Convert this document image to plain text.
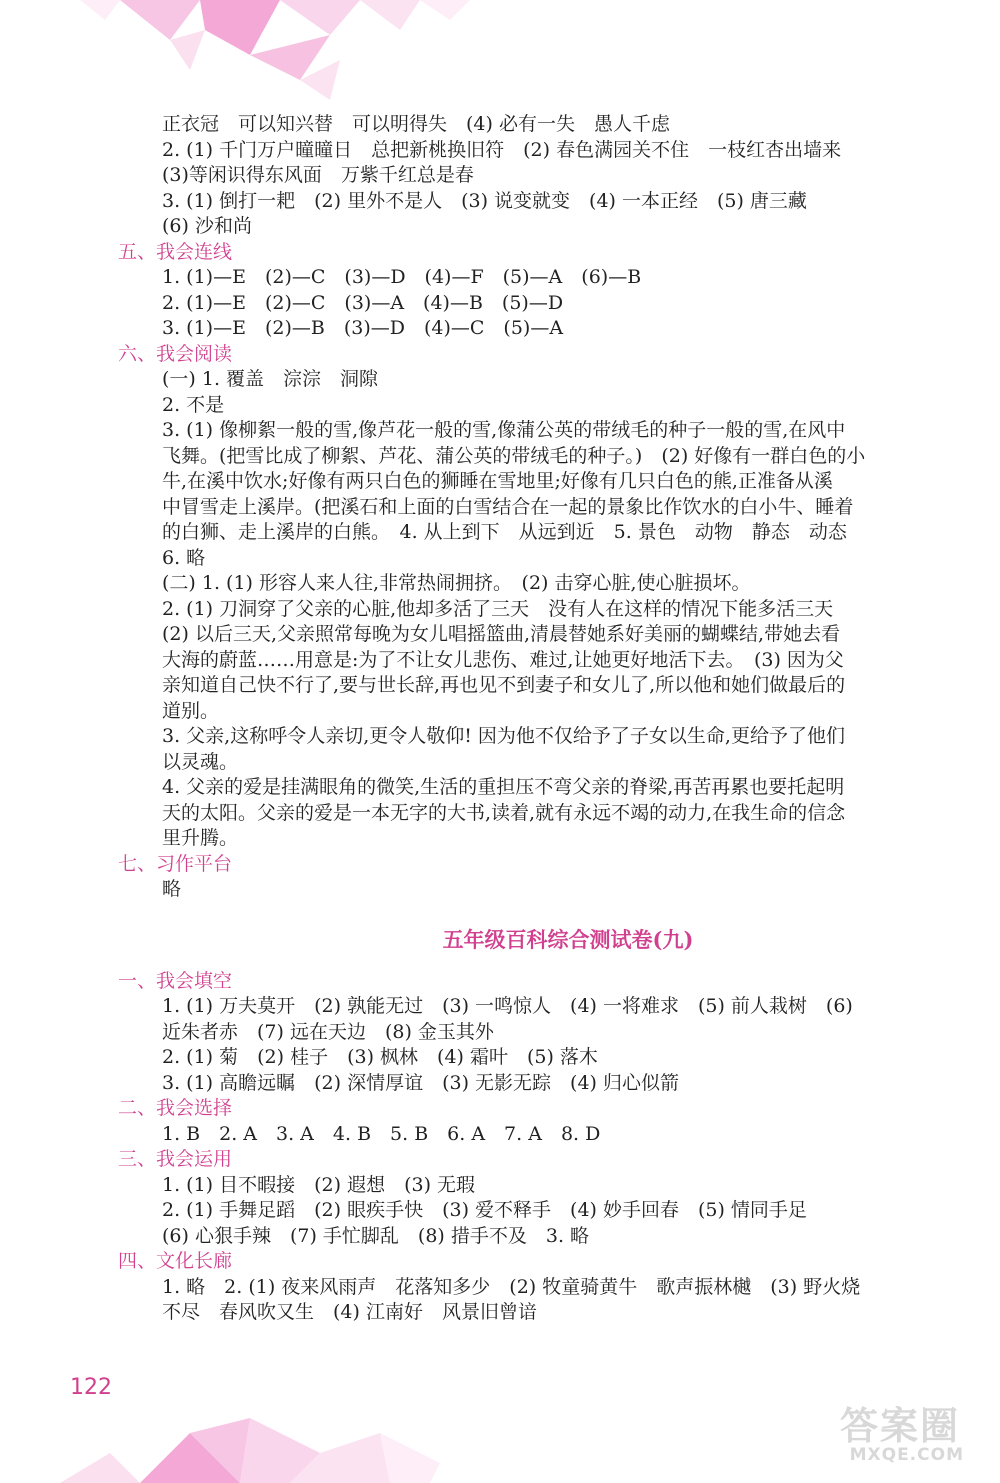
正衣冠　可以知兴替　可以明得失　(4) 必有一失　愚人千虑
2. (1) 千门万户曈曈日　总把新桃换旧符　(2) 春色满园关不住　一枝红杏出墙来
(3)等闲识得东风面　万紫千红总是春
3. (1) 倒打一耙　(2) 里外不是人　(3) 说变就变　(4) 一本正经　(5) 唐三藏
(6) 沙和尚
五、我会连线
1. (1)—E　(2)—C　(3)—D　(4)—F　(5)—A　(6)—B
2. (1)—E　(2)—C　(3)—A　(4)—B　(5)—D
3. (1)—E　(2)—B　(3)—D　(4)—C　(5)—A
六、我会阅读
(一) 1. 覆盖　淙淙　洞隙
2. 不是
3. (1) 像柳絮一般的雪,像芦花一般的雪,像蒲公英的带绒毛的种子一般的雪,在风中
飞舞。(把雪比成了柳絮、芦花、蒲公英的带绒毛的种子。)　(2) 好像有一群白色的小
牛,在溪中饮水;好像有两只白色的狮睡在雪地里;好像有几只白色的熊,正准备从溪
中冒雪走上溪岸。(把溪石和上面的白雪结合在一起的景象比作饮水的白小牛、睡着
的白狮、走上溪岸的白熊。　4. 从上到下　从远到近　5. 景色　动物　静态　动态
6. 略
(二) 1. (1) 形容人来人往,非常热闹拥挤。　(2) 击穿心脏,使心脏损坏。
2. (1) 刀洞穿了父亲的心脏,他却多活了三天　没有人在这样的情况下能多活三天
(2) 以后三天,父亲照常每晚为女儿唱摇篮曲,清晨替她系好美丽的蝴蝶结,带她去看
大海的蔚蓝……用意是:为了不让女儿悲伤、难过,让她更好地活下去。　(3) 因为父
亲知道自己快不行了,要与世长辞,再也见不到妻子和女儿了,所以他和她们做最后的
道别。
3. 父亲,这称呼令人亲切,更令人敬仰! 因为他不仅给予了子女以生命,更给予了他们
以灵魂。
4. 父亲的爱是挂满眼角的微笑,生活的重担压不弯父亲的脊梁,再苦再累也要托起明
天的太阳。父亲的爱是一本无字的大书,读着,就有永远不竭的动力,在我生命的信念
里升腾。
七、习作平台
略
五年级百科综合测试卷(九)
一、我会填空
1. (1) 万夫莫开　(2) 孰能无过　(3) 一鸣惊人　(4) 一将难求　(5) 前人栽树　(6)
近朱者赤　(7) 远在天边　(8) 金玉其外
2. (1) 菊　(2) 桂子　(3) 枫林　(4) 霜叶　(5) 落木
3. (1) 高瞻远瞩　(2) 深情厚谊　(3) 无影无踪　(4) 归心似箭
二、我会选择
1. B　2. A　3. A　4. B　5. B　6. A　7. A　8. D
三、我会运用
1. (1) 目不暇接　(2) 遐想　(3) 无瑕
2. (1) 手舞足蹈　(2) 眼疾手快　(3) 爱不释手　(4) 妙手回春　(5) 情同手足
(6) 心狠手辣　(7) 手忙脚乱　(8) 措手不及　3. 略
四、文化长廊
1. 略　2. (1) 夜来风雨声　花落知多少　(2) 牧童骑黄牛　歌声振林樾　(3) 野火烧
不尽　春风吹又生　(4) 江南好　风景旧曾谙
122
答案圈
MXQE.COM
